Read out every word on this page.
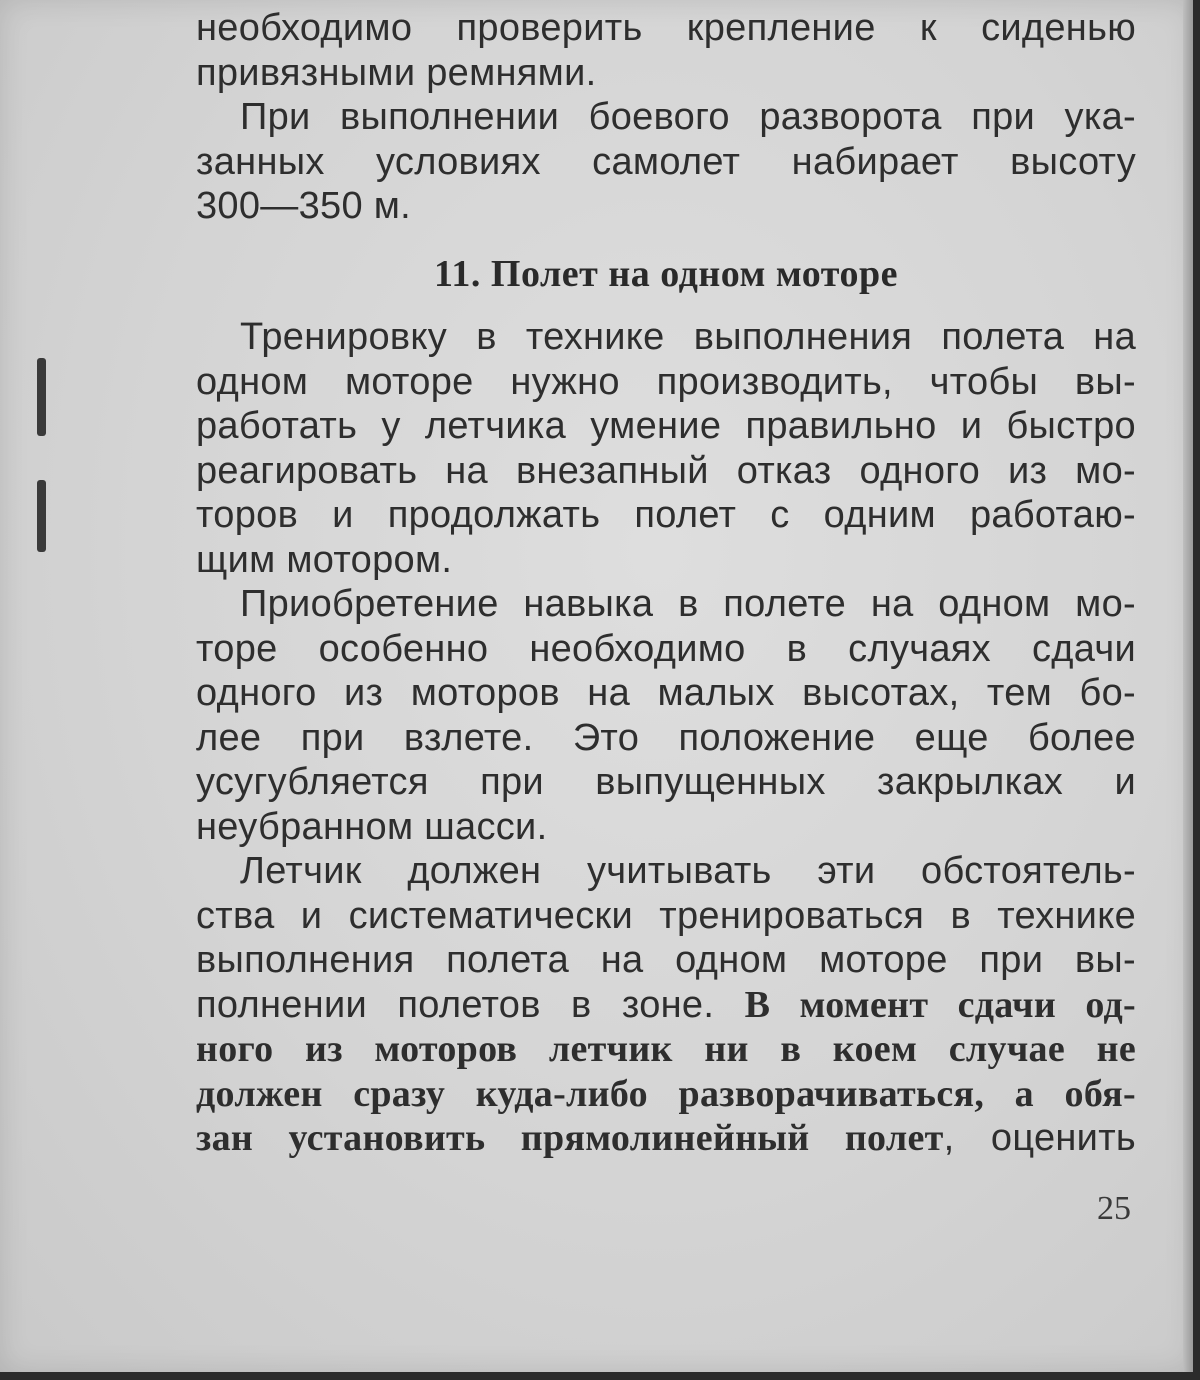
необходимо проверить крепление к сиденью
привязными ремнями.
При выполнении боевого разворота при ука-
занных условиях самолет набирает высоту
300—350 м.
11. Полет на одном моторе
Тренировку в технике выполнения полета на
одном моторе нужно производить, чтобы вы-
работать у летчика умение правильно и быстро
реагировать на внезапный отказ одного из мо-
торов и продолжать полет с одним работаю-
щим мотором.
Приобретение навыка в полете на одном мо-
торе особенно необходимо в случаях сдачи
одного из моторов на малых высотах, тем бо-
лее при взлете. Это положение еще более
усугубляется при выпущенных закрылках и
неубранном шасси.
Летчик должен учитывать эти обстоятель-
ства и систематически тренироваться в технике
выполнения полета на одном моторе при вы-
полнении полетов в зоне. В момент сдачи од-
ного из моторов летчик ни в коем случае не
должен сразу куда-либо разворачиваться, а обя-
зан установить прямолинейный полет, оценить
25
